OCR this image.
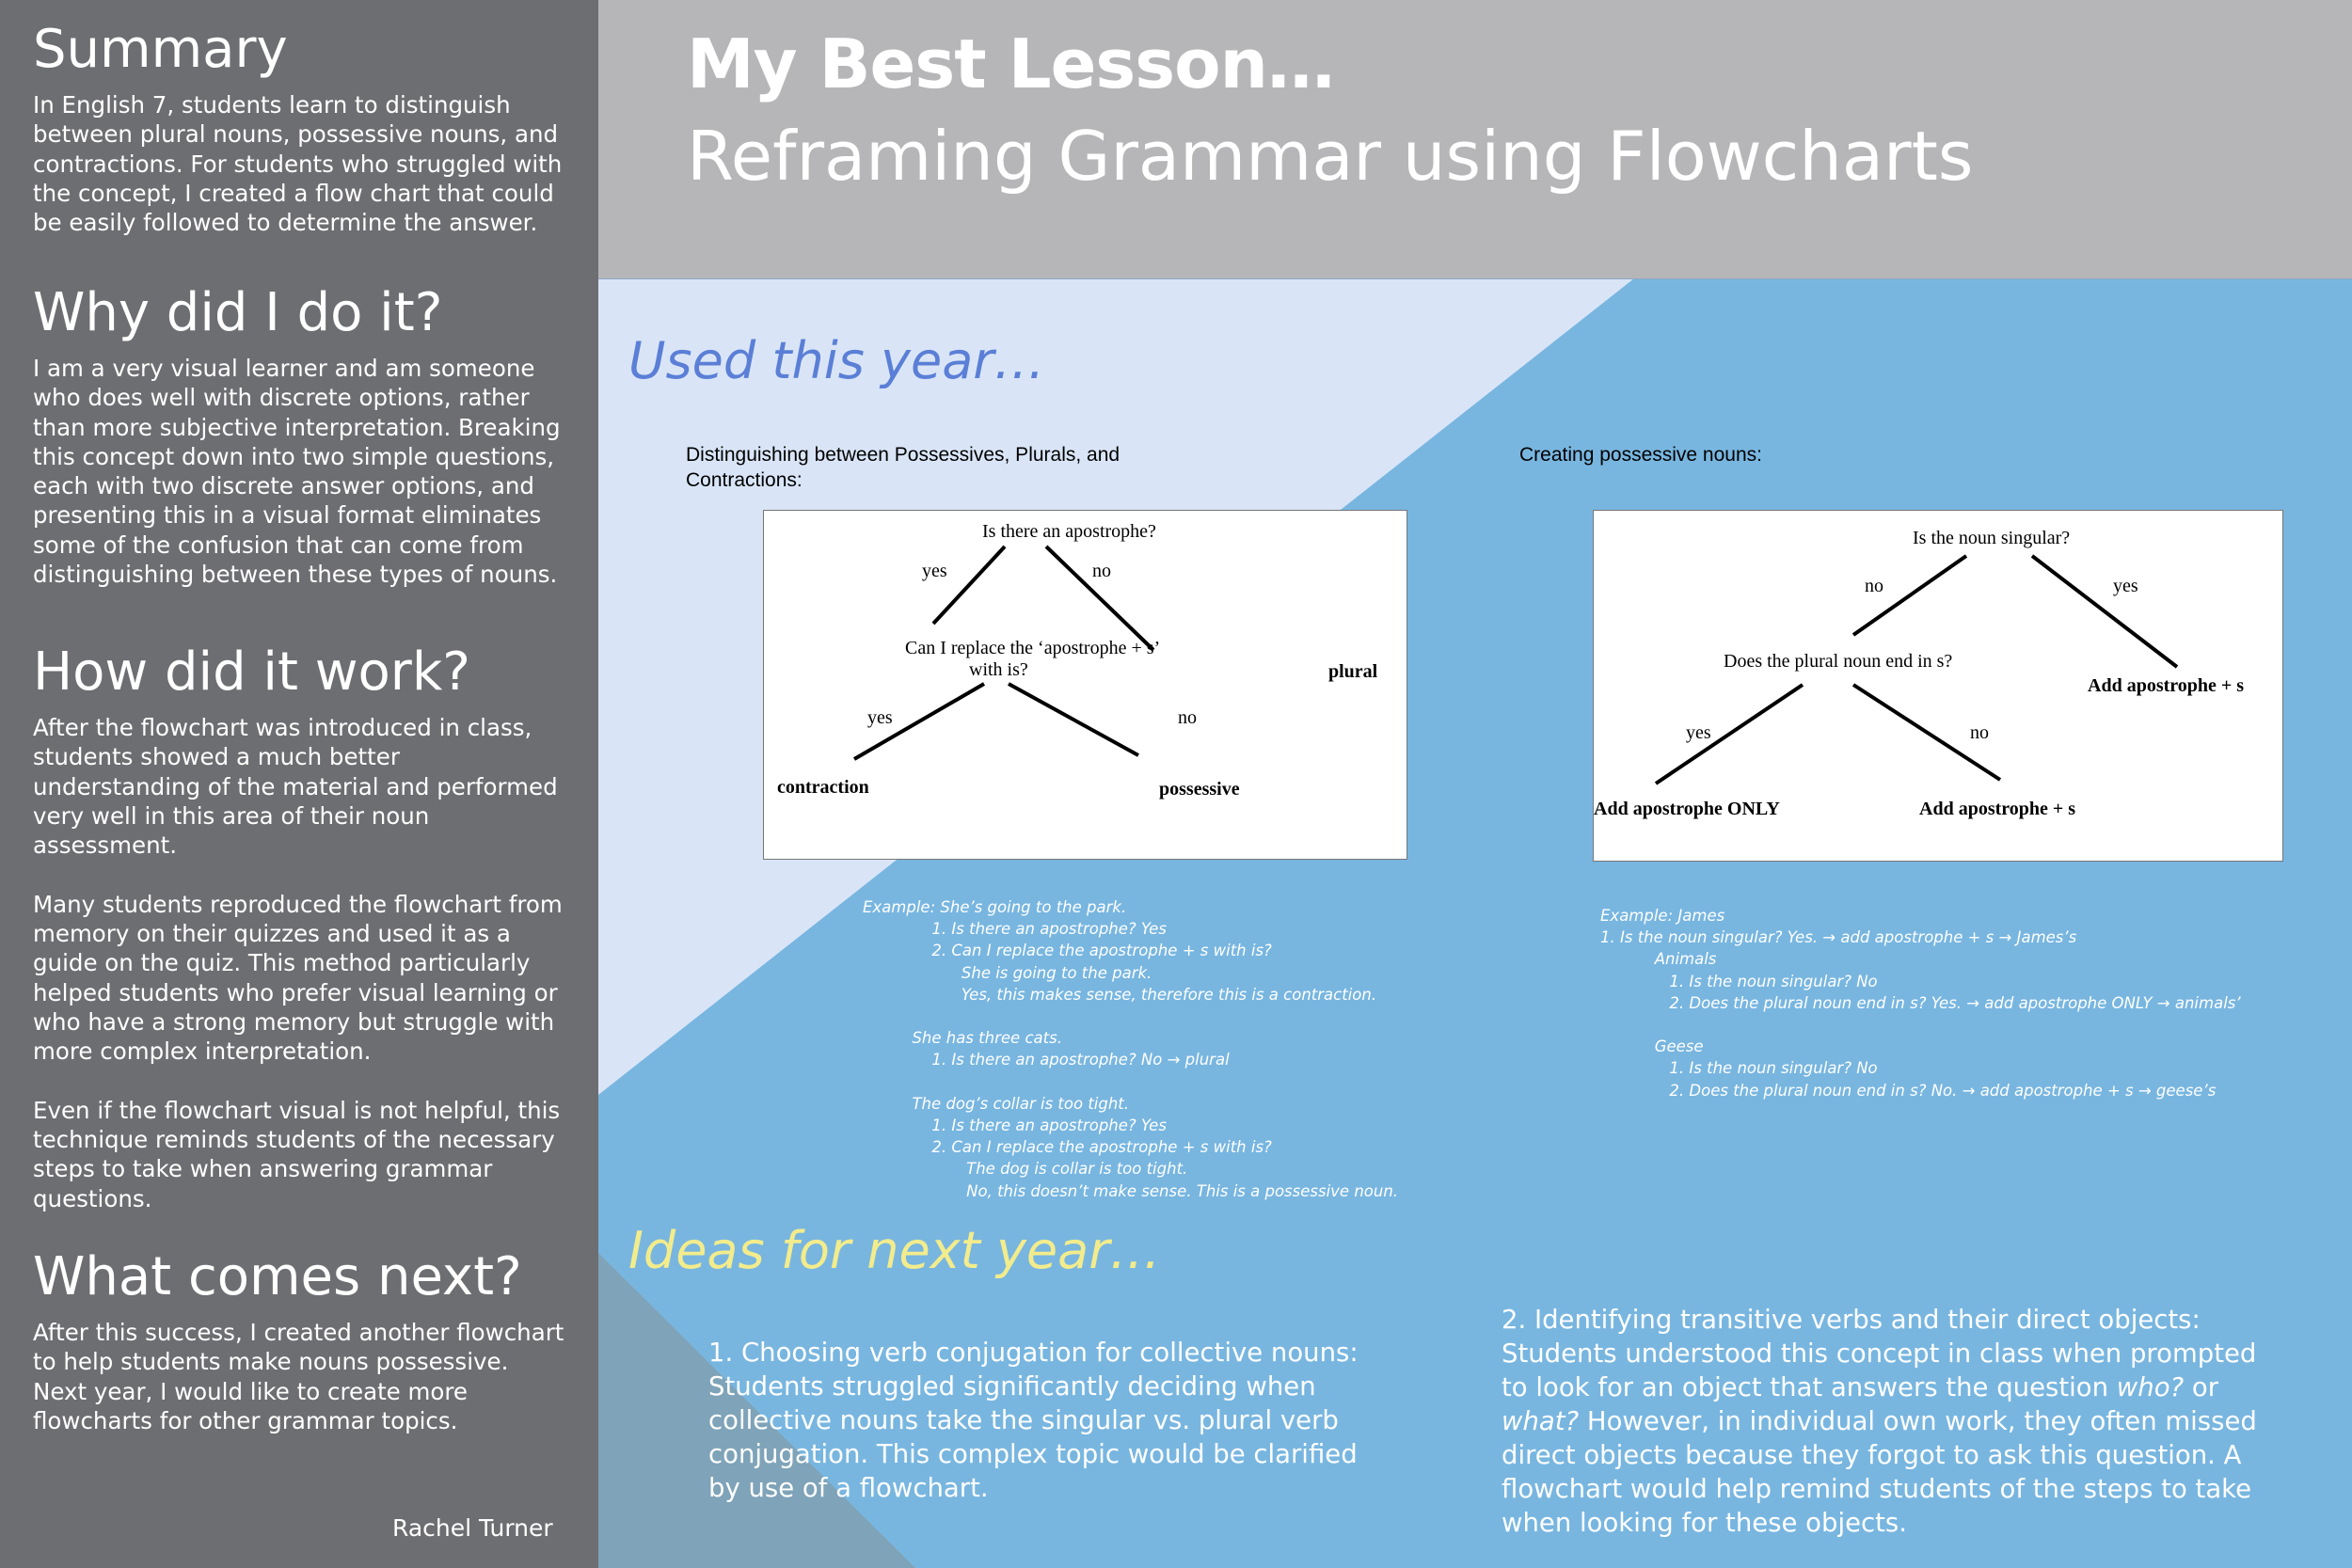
Summary

In English 7, students learn to distinguish between plural nouns, possessive nouns, and contractions. For students who struggled with the concept, I created a flow chart that could be easily followed to determine the answer.

Why did I do it?

I am a very visual learner and am someone who does well with discrete options, rather than more subjective interpretation. Breaking this concept down into two simple questions, each with two discrete answer options, and presenting this in a visual format eliminates some of the confusion that can come from distinguishing between these types of nouns.

How did it work?

After the flowchart was introduced in class, students showed a much better understanding of the material and performed very well in this area of their noun assessment.

Many students reproduced the flowchart from memory on their quizzes and used it as a guide on the quiz. This method particularly helped students who prefer visual learning or who have a strong memory but struggle with more complex interpretation.

Even if the flowchart visual is not helpful, this technique reminds students of the necessary steps to take when answering grammar questions.

What comes next?

After this success, I created another flowchart to help students make nouns possessive. Next year, I would like to create more flowcharts for other grammar topics.

Rachel Turner
My Best Lesson…
Reframing Grammar using Flowcharts
Used this year…
Distinguishing between Possessives, Plurals, and Contractions:
Creating possessive nouns:
Is there an apostrophe?
yes	no
Can I replace the ‘apostrophe + s’
with is?	plural
yes	no
contraction	possessive
Is the noun singular?
no	yes
Does the plural noun end in s?
Add apostrophe + s
yes	no
Add apostrophe ONLY	Add apostrophe + s
Example: She’s going to the park.
1. Is there an apostrophe? Yes
2. Can I replace the apostrophe + s with is?
She is going to the park.
Yes, this makes sense, therefore this is a contraction.

She has three cats.
1. Is there an apostrophe? No → plural

The dog’s collar is too tight.
1. Is there an apostrophe? Yes
2. Can I replace the apostrophe + s with is?
The dog is collar is too tight.
No, this doesn’t make sense. This is a possessive noun.
Example: James
1. Is the noun singular? Yes. → add apostrophe + s → James’s
Animals
1. Is the noun singular? No
2. Does the plural noun end in s? Yes. → add apostrophe ONLY → animals’

Geese
1. Is the noun singular? No
2. Does the plural noun end in s? No. → add apostrophe + s → geese’s
Ideas for next year…

1. Choosing verb conjugation for collective nouns: Students struggled significantly deciding when collective nouns take the singular vs. plural verb conjugation. This complex topic would be clarified by use of a flowchart.

2. Identifying transitive verbs and their direct objects: Students understood this concept in class when prompted to look for an object that answers the question who? or what? However, in individual own work, they often missed direct objects because they forgot to ask this question. A flowchart would help remind students of the steps to take when looking for these objects.
